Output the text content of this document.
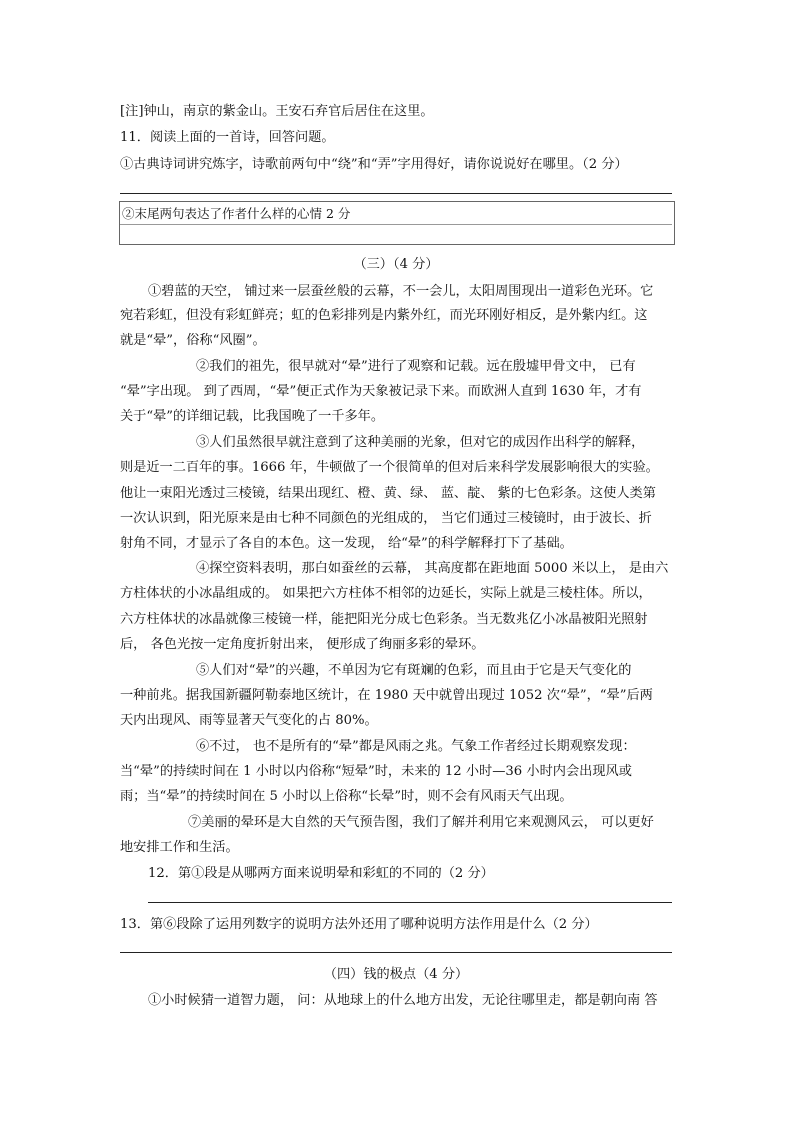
[注]钟山，南京的紫金山。王安石弃官后居住在这里。
11．阅读上面的一首诗，回答问题。
①古典诗词讲究炼字，诗歌前两句中“绕”和“弄”字用得好，请你说说好在哪里。（2 分）
②末尾两句表达了作者什么样的心情 2 分
（三）（4 分）
①碧蓝的天空， 铺过来一层蚕丝般的云幕，不一会儿，太阳周围现出一道彩色光环。它
宛若彩虹，但没有彩虹鲜亮；虹的色彩排列是内紫外红，而光环刚好相反，是外紫内红。这
就是“晕”，俗称“风圈”。
②我们的祖先，很早就对“晕”进行了观察和记载。远在殷墟甲骨文中， 已有
“晕”字出现。 到了西周，“晕”便正式作为天象被记录下来。而欧洲人直到 1630 年，才有
关于“晕”的详细记载，比我国晚了一千多年。
③人们虽然很早就注意到了这种美丽的光象，但对它的成因作出科学的解释，
则是近一二百年的事。1666 年，牛顿做了一个很简单的但对后来科学发展影响很大的实验。
他让一束阳光透过三棱镜，结果出现红、橙、黄、绿、 蓝、靛、 紫的七色彩条。这使人类第
一次认识到，阳光原来是由七种不同颜色的光组成的， 当它们通过三棱镜时，由于波长、折
射角不同，才显示了各自的本色。这一发现， 给“晕”的科学解释打下了基础。
④探空资料表明，那白如蚕丝的云幕， 其高度都在距地面 5000 米以上， 是由六
方柱体状的小冰晶组成的。 如果把六方柱体不相邻的边延长，实际上就是三棱柱体。所以，
六方柱体状的冰晶就像三棱镜一样，能把阳光分成七色彩条。当无数兆亿小冰晶被阳光照射
后， 各色光按一定角度折射出来， 便形成了绚丽多彩的晕环。
⑤人们对“晕”的兴趣，不单因为它有斑斓的色彩，而且由于它是天气变化的
一种前兆。据我国新疆阿勒泰地区统计，在 1980 天中就曾出现过 1052 次“晕”，“晕”后两
天内出现风、雨等显著天气变化的占 80%。
⑥不过， 也不是所有的“晕”都是风雨之兆。气象工作者经过长期观察发现：
当“晕”的持续时间在 1 小时以内俗称“短晕”时，未来的 12 小时—36 小时内会出现风或
雨；当“晕”的持续时间在 5 小时以上俗称“长晕”时，则不会有风雨天气出现。
⑦美丽的晕环是大自然的天气预告图，我们了解并利用它来观测风云， 可以更好
地安排工作和生活。
12．第①段是从哪两方面来说明晕和彩虹的不同的（2 分）
13．第⑥段除了运用列数字的说明方法外还用了哪种说明方法作用是什么（2 分）
（四）钱的极点（4 分）
①小时候猜一道智力题， 问：从地球上的什么地方出发，无论往哪里走，都是朝向南 答
